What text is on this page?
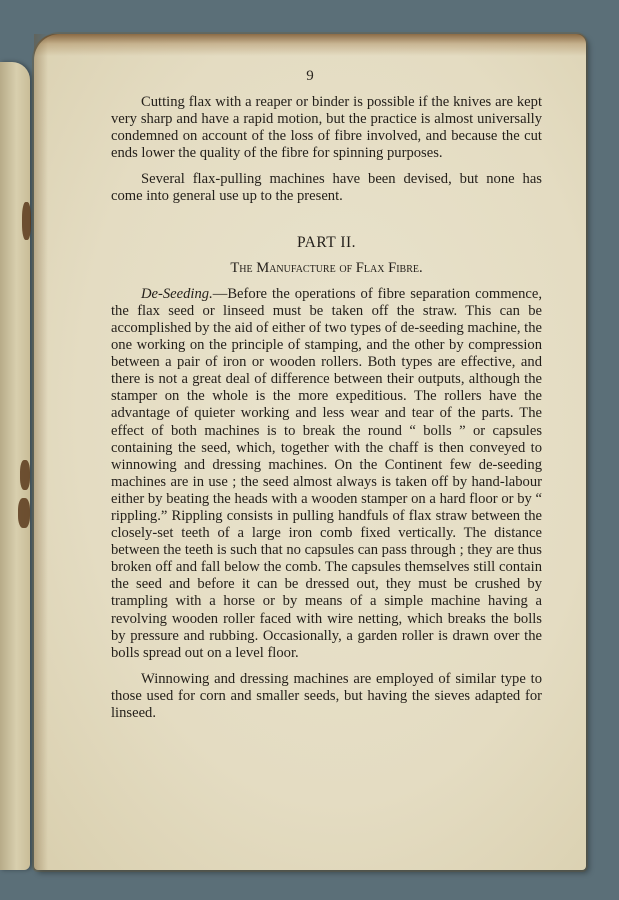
9

Cutting flax with a reaper or binder is possible if the knives are kept very sharp and have a rapid motion, but the practice is almost universally condemned on account of the loss of fibre involved, and because the cut ends lower the quality of the fibre for spinning purposes.

Several flax-pulling machines have been devised, but none has come into general use up to the present.

PART II.
The Manufacture of Flax Fibre.

De-Seeding.—Before the operations of fibre separation commence, the flax seed or linseed must be taken off the straw. This can be accomplished by the aid of either of two types of de-seeding machine, the one working on the principle of stamping, and the other by compression between a pair of iron or wooden rollers. Both types are effective, and there is not a great deal of difference between their outputs, although the stamper on the whole is the more expeditious. The rollers have the advantage of quieter working and less wear and tear of the parts. The effect of both machines is to break the round “ bolls ” or capsules containing the seed, which, together with the chaff is then conveyed to winnowing and dressing machines. On the Continent few de-seeding machines are in use ; the seed almost always is taken off by hand-labour either by beating the heads with a wooden stamper on a hard floor or by “ rippling.” Rippling consists in pulling handfuls of flax straw between the closely-set teeth of a large iron comb fixed vertically. The distance between the teeth is such that no capsules can pass through ; they are thus broken off and fall below the comb. The capsules themselves still contain the seed and before it can be dressed out, they must be crushed by trampling with a horse or by means of a simple machine having a revolving wooden roller faced with wire netting, which breaks the bolls by pressure and rubbing. Occasionally, a garden roller is drawn over the bolls spread out on a level floor.

Winnowing and dressing machines are employed of similar type to those used for corn and smaller seeds, but having the sieves adapted for linseed.
